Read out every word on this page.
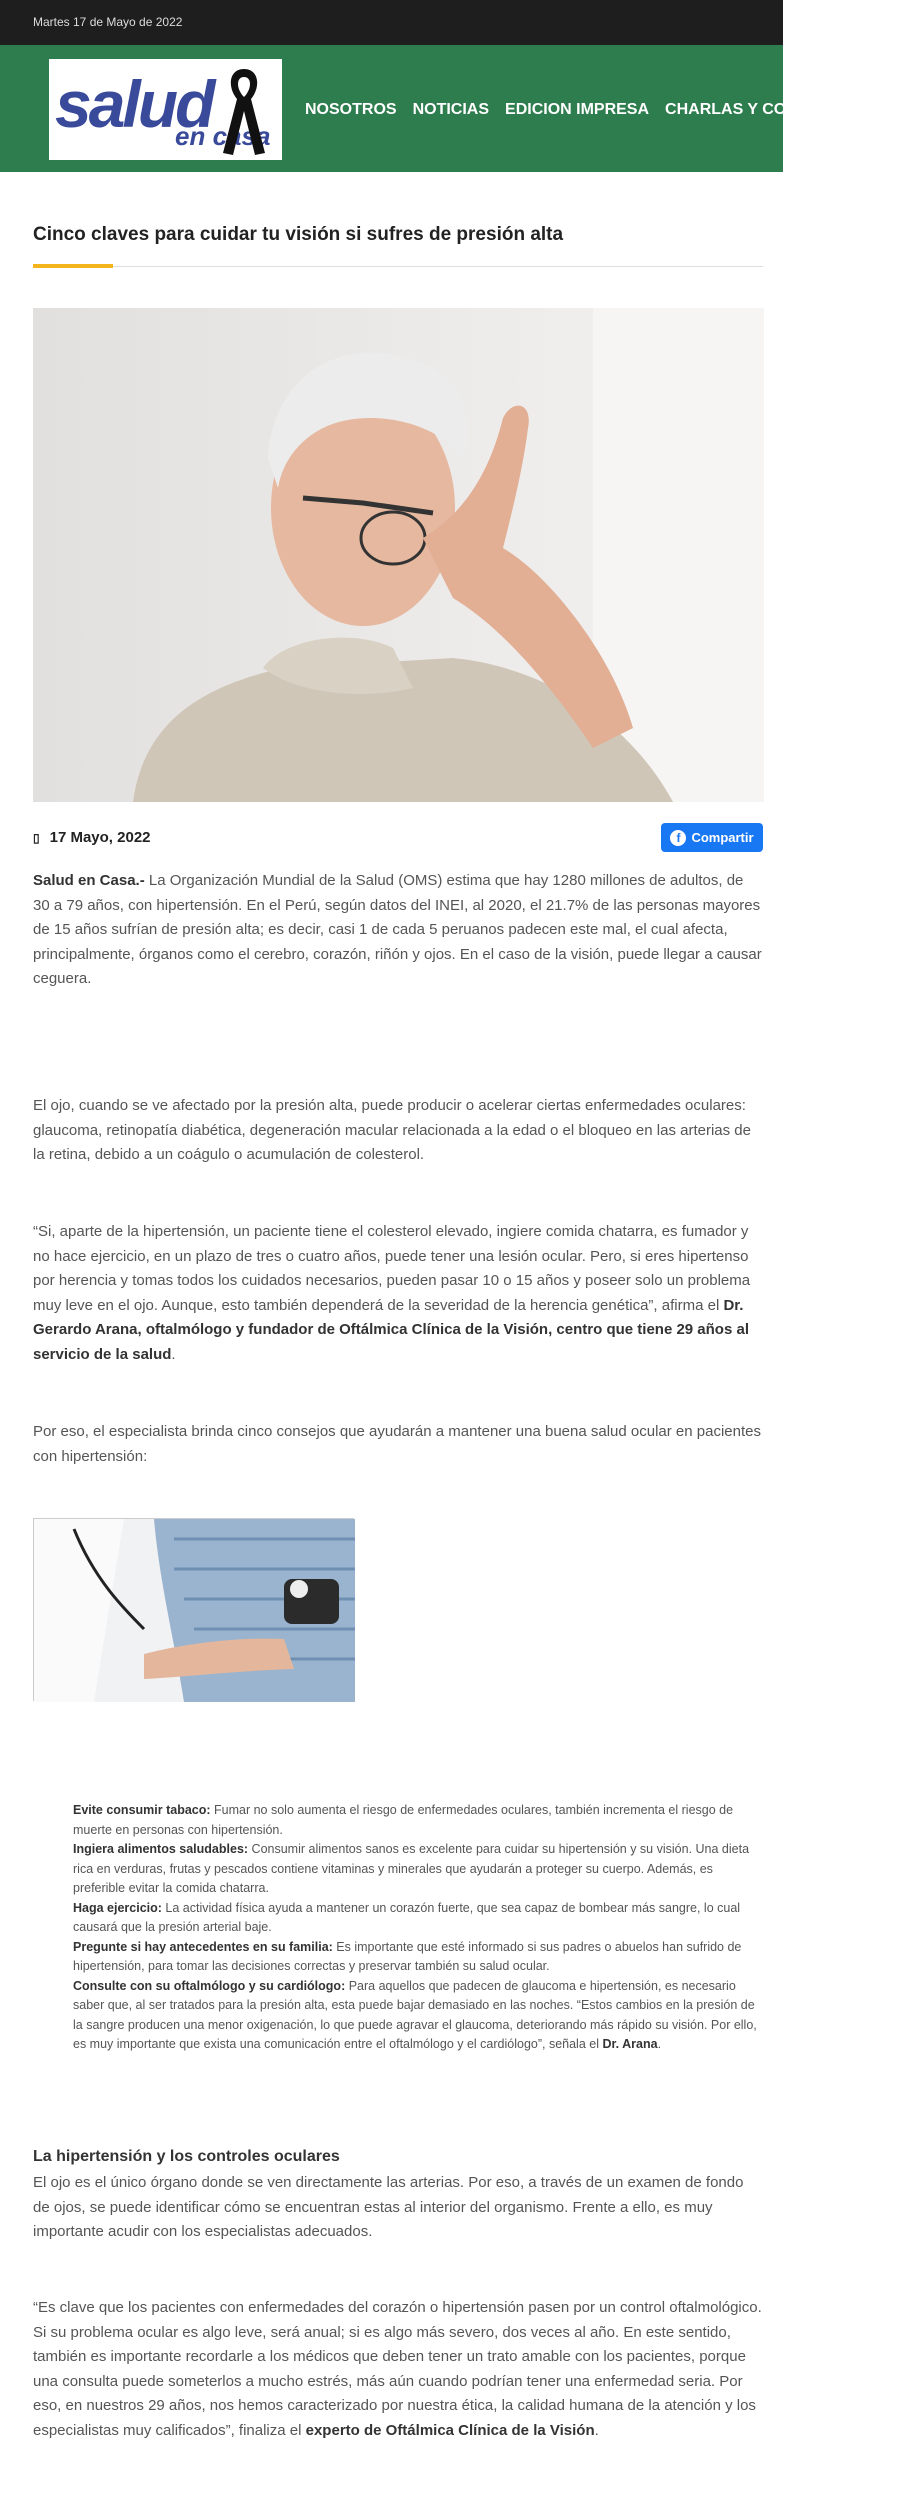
Martes 17 de Mayo de 2022
salud
en casa
NOSOTROS NOTICIAS EDICION IMPRESA CHARLAS Y CONFERENCIAS
Cinco claves para cuidar tu visión si sufres de presión alta
▯ 17 Mayo, 2022	f Compartir

Salud en Casa.- La Organización Mundial de la Salud (OMS) estima que hay 1280 millones de adultos, de 30 a 79 años, con hipertensión. En el Perú, según datos del INEI, al 2020, el 21.7% de las personas mayores de 15 años sufrían de presión alta; es decir, casi 1 de cada 5 peruanos padecen este mal, el cual afecta, principalmente, órganos como el cerebro, corazón, riñón y ojos. En el caso de la visión, puede llegar a causar ceguera.

El ojo, cuando se ve afectado por la presión alta, puede producir o acelerar ciertas enfermedades oculares: glaucoma, retinopatía diabética, degeneración macular relacionada a la edad o el bloqueo en las arterias de la retina, debido a un coágulo o acumulación de colesterol.

“Si, aparte de la hipertensión, un paciente tiene el colesterol elevado, ingiere comida chatarra, es fumador y no hace ejercicio, en un plazo de tres o cuatro años, puede tener una lesión ocular. Pero, si eres hipertenso por herencia y tomas todos los cuidados necesarios, pueden pasar 10 o 15 años y poseer solo un problema muy leve en el ojo. Aunque, esto también dependerá de la severidad de la herencia genética”, afirma el Dr. Gerardo Arana, oftalmólogo y fundador de Oftálmica Clínica de la Visión, centro que tiene 29 años al servicio de la salud.

Por eso, el especialista brinda cinco consejos que ayudarán a mantener una buena salud ocular en pacientes con hipertensión:

Evite consumir tabaco: Fumar no solo aumenta el riesgo de enfermedades oculares, también incrementa el riesgo de muerte en personas con hipertensión.
Ingiera alimentos saludables: Consumir alimentos sanos es excelente para cuidar su hipertensión y su visión. Una dieta rica en verduras, frutas y pescados contiene vitaminas y minerales que ayudarán a proteger su cuerpo. Además, es preferible evitar la comida chatarra.
Haga ejercicio: La actividad física ayuda a mantener un corazón fuerte, que sea capaz de bombear más sangre, lo cual causará que la presión arterial baje.
Pregunte si hay antecedentes en su familia: Es importante que esté informado si sus padres o abuelos han sufrido de hipertensión, para tomar las decisiones correctas y preservar también su salud ocular.
Consulte con su oftalmólogo y su cardiólogo: Para aquellos que padecen de glaucoma e hipertensión, es necesario saber que, al ser tratados para la presión alta, esta puede bajar demasiado en las noches. “Estos cambios en la presión de la sangre producen una menor oxigenación, lo que puede agravar el glaucoma, deteriorando más rápido su visión. Por ello, es muy importante que exista una comunicación entre el oftalmólogo y el cardiólogo”, señala el Dr. Arana.
La hipertensión y los controles oculares

El ojo es el único órgano donde se ven directamente las arterias. Por eso, a través de un examen de fondo de ojos, se puede identificar cómo se encuentran estas al interior del organismo. Frente a ello, es muy importante acudir con los especialistas adecuados.

“Es clave que los pacientes con enfermedades del corazón o hipertensión pasen por un control oftalmológico. Si su problema ocular es algo leve, será anual; si es algo más severo, dos veces al año. En este sentido, también es importante recordarle a los médicos que deben tener un trato amable con los pacientes, porque una consulta puede someterlos a mucho estrés, más aún cuando podrían tener una enfermedad seria. Por eso, en nuestros 29 años, nos hemos caracterizado por nuestra ética, la calidad humana de la atención y los especialistas muy calificados”, finaliza el experto de Oftálmica Clínica de la Visión.
